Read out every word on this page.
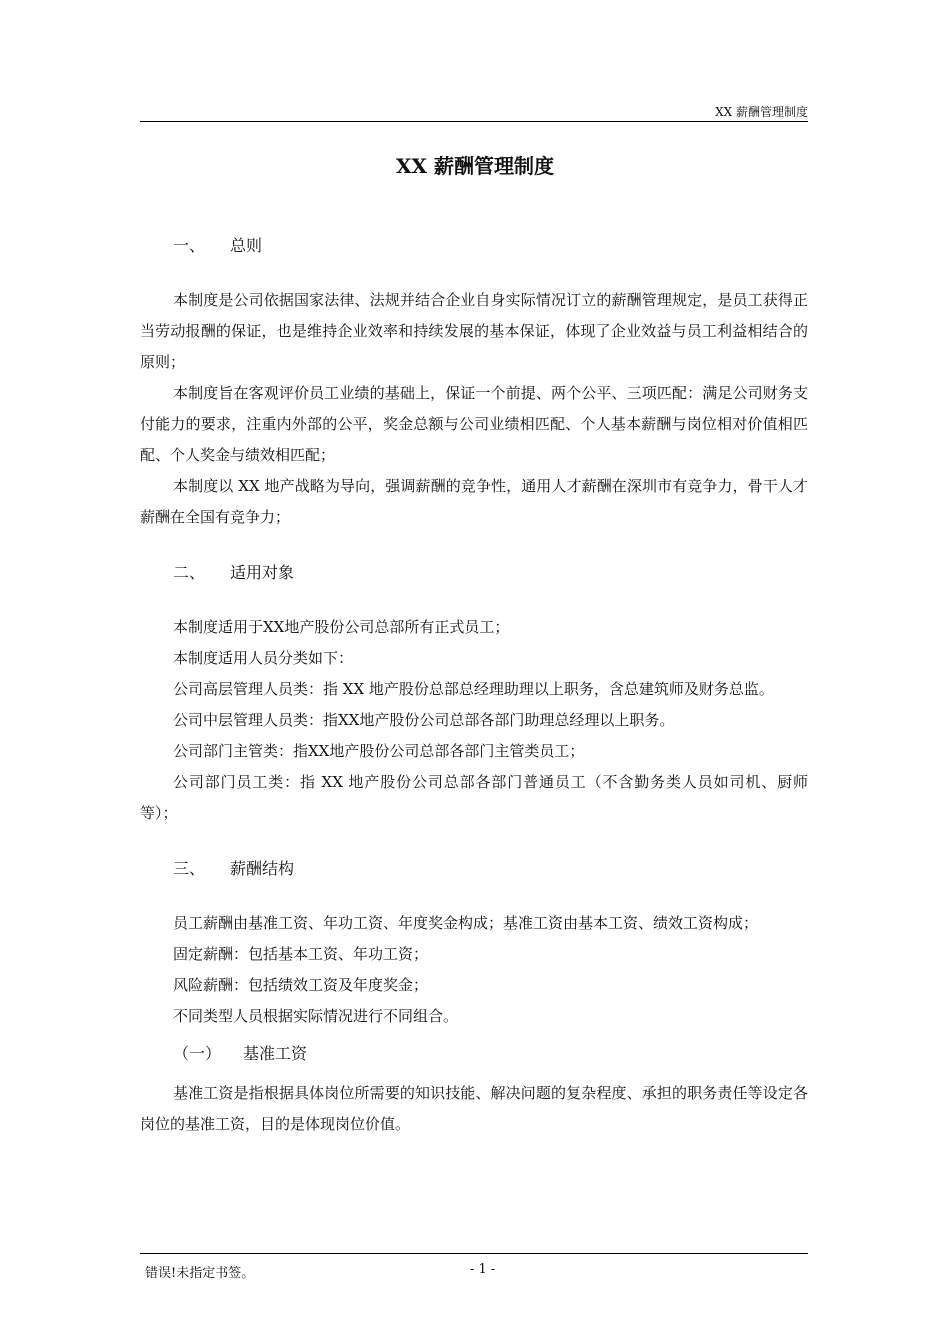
XX 薪酬管理制度
XX 薪酬管理制度
一、	总则

本制度是公司依据国家法律、法规并结合企业自身实际情况订立的薪酬管理规定，是员工获得正当劳动报酬的保证，也是维持企业效率和持续发展的基本保证，体现了企业效益与员工利益相结合的原则；

本制度旨在客观评价员工业绩的基础上，保证一个前提、两个公平、三项匹配：满足公司财务支付能力的要求，注重内外部的公平，奖金总额与公司业绩相匹配、个人基本薪酬与岗位相对价值相匹配、个人奖金与绩效相匹配；

本制度以 XX 地产战略为导向，强调薪酬的竞争性，通用人才薪酬在深圳市有竞争力，骨干人才薪酬在全国有竞争力；

二、	适用对象

本制度适用于XX地产股份公司总部所有正式员工；

本制度适用人员分类如下：

公司高层管理人员类：指 XX 地产股份总部总经理助理以上职务，含总建筑师及财务总监。

公司中层管理人员类：指XX地产股份公司总部各部门助理总经理以上职务。

公司部门主管类：指XX地产股份公司总部各部门主管类员工；

公司部门员工类：指 XX 地产股份公司总部各部门普通员工（不含勤务类人员如司机、厨师等）；

三、	薪酬结构

员工薪酬由基准工资、年功工资、年度奖金构成；基准工资由基本工资、绩效工资构成；

固定薪酬：包括基本工资、年功工资；

风险薪酬：包括绩效工资及年度奖金；

不同类型人员根据实际情况进行不同组合。

（一）	基准工资

基准工资是指根据具体岗位所需要的知识技能、解决问题的复杂程度、承担的职务责任等设定各岗位的基准工资，目的是体现岗位价值。

错误!未指定书签。	- 1 -
